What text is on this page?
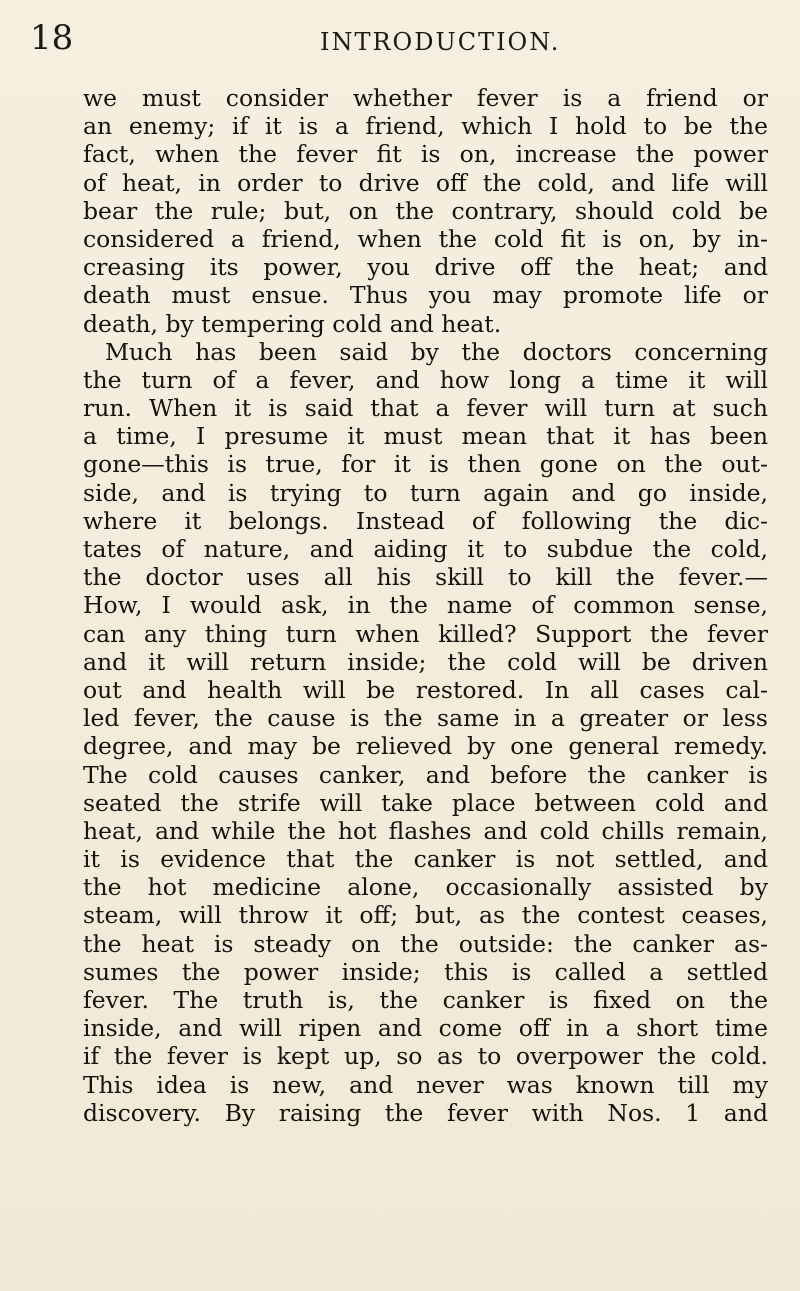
18	INTRODUCTION.
we must consider whether fever is a friend or
an enemy; if it is a friend, which I hold to be the
fact, when the fever fit is on, increase the power
of heat, in order to drive off the cold, and life will
bear the rule; but, on the contrary, should cold be
considered a friend, when the cold fit is on, by in-
creasing its power, you drive off the heat; and
death must ensue. Thus you may promote life or
death, by tempering cold and heat.
Much has been said by the doctors concerning
the turn of a fever, and how long a time it will
run. When it is said that a fever will turn at such
a time, I presume it must mean that it has been
gone—this is true, for it is then gone on the out-
side, and is trying to turn again and go inside,
where it belongs. Instead of following the dic-
tates of nature, and aiding it to subdue the cold,
the doctor uses all his skill to kill the fever.—
How, I would ask, in the name of common sense,
can any thing turn when killed? Support the fever
and it will return inside; the cold will be driven
out and health will be restored. In all cases cal-
led fever, the cause is the same in a greater or less
degree, and may be relieved by one general remedy.
The cold causes canker, and before the canker is
seated the strife will take place between cold and
heat, and while the hot flashes and cold chills remain,
it is evidence that the canker is not settled, and
the hot medicine alone, occasionally assisted by
steam, will throw it off; but, as the contest ceases,
the heat is steady on the outside: the canker as-
sumes the power inside; this is called a settled
fever. The truth is, the canker is fixed on the
inside, and will ripen and come off in a short time
if the fever is kept up, so as to overpower the cold.
This idea is new, and never was known till my
discovery. By raising the fever with Nos. 1 and
